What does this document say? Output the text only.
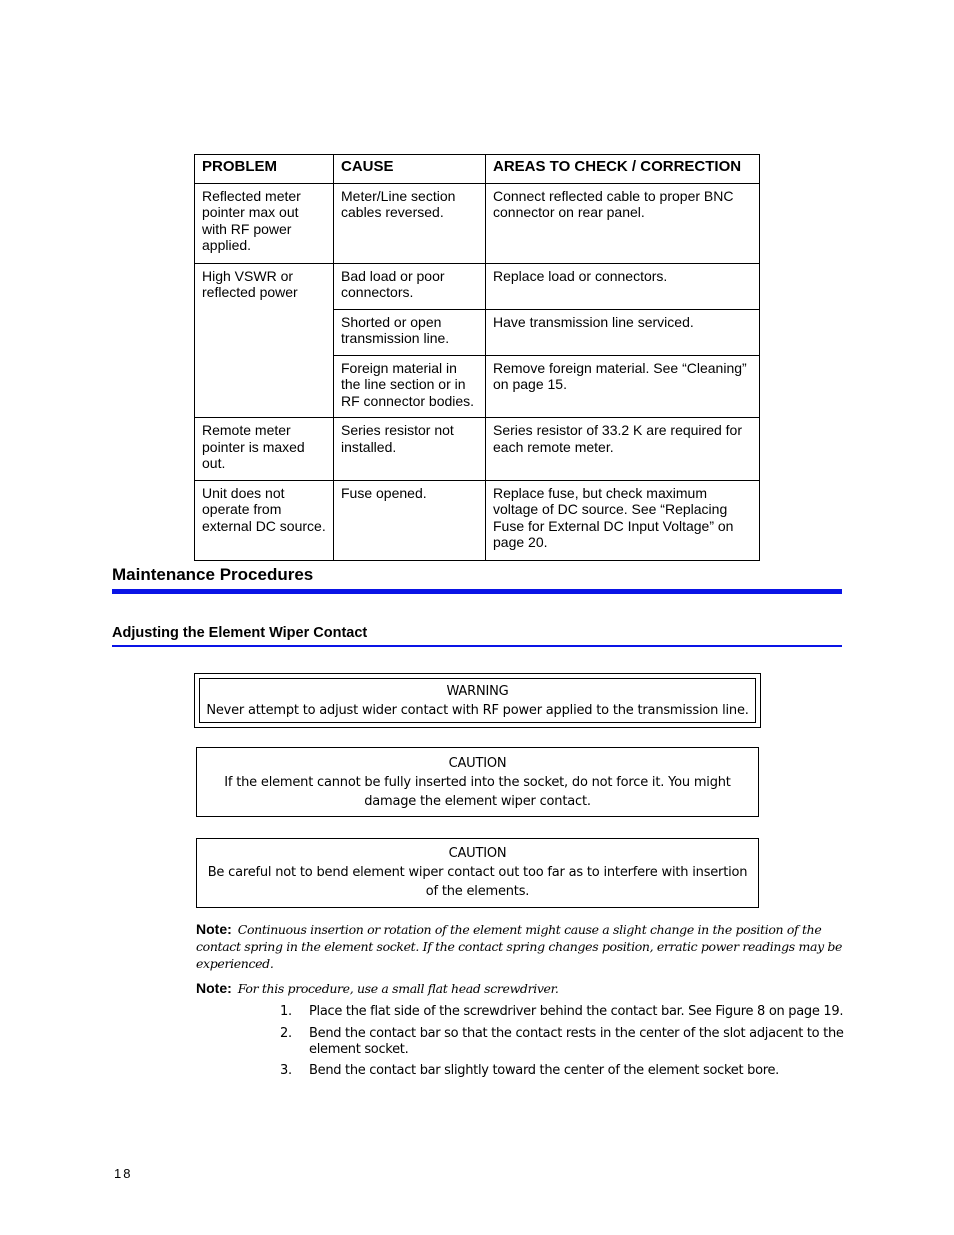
PROBLEM	CAUSE	AREAS TO CHECK / CORRECTION
Reflected meter pointer max out with RF power applied.	Meter/Line section cables reversed.	Connect reflected cable to proper BNC connector on rear panel.
High VSWR or reflected power	Bad load or poor connectors.	Replace load or connectors.
	Shorted or open transmission line.	Have transmission line serviced.
	Foreign material in the line section or in RF connector bodies.	Remove foreign material. See “Cleaning” on page 15.
Remote meter pointer is maxed out.	Series resistor not installed.	Series resistor of 33.2 K are required for each remote meter.
Unit does not operate from external DC source.	Fuse opened.	Replace fuse, but check maximum voltage of DC source. See “Replacing Fuse for External DC Input Voltage” on page 20.
Maintenance Procedures
Adjusting the Element Wiper Contact
WARNING
Never attempt to adjust wider contact with RF power applied to the transmission line.
CAUTION
If the element cannot be fully inserted into the socket, do not force it. You might damage the element wiper contact.
CAUTION
Be careful not to bend element wiper contact out too far as to interfere with insertion of the elements.
Note: Continuous insertion or rotation of the element might cause a slight change in the position of the contact spring in the element socket. If the contact spring changes position, erratic power readings may be experienced.
Note: For this procedure, use a small flat head screwdriver.
1. Place the flat side of the screwdriver behind the contact bar. See Figure 8 on page 19.
2. Bend the contact bar so that the contact rests in the center of the slot adjacent to the element socket.
3. Bend the contact bar slightly toward the center of the element socket bore.
18
